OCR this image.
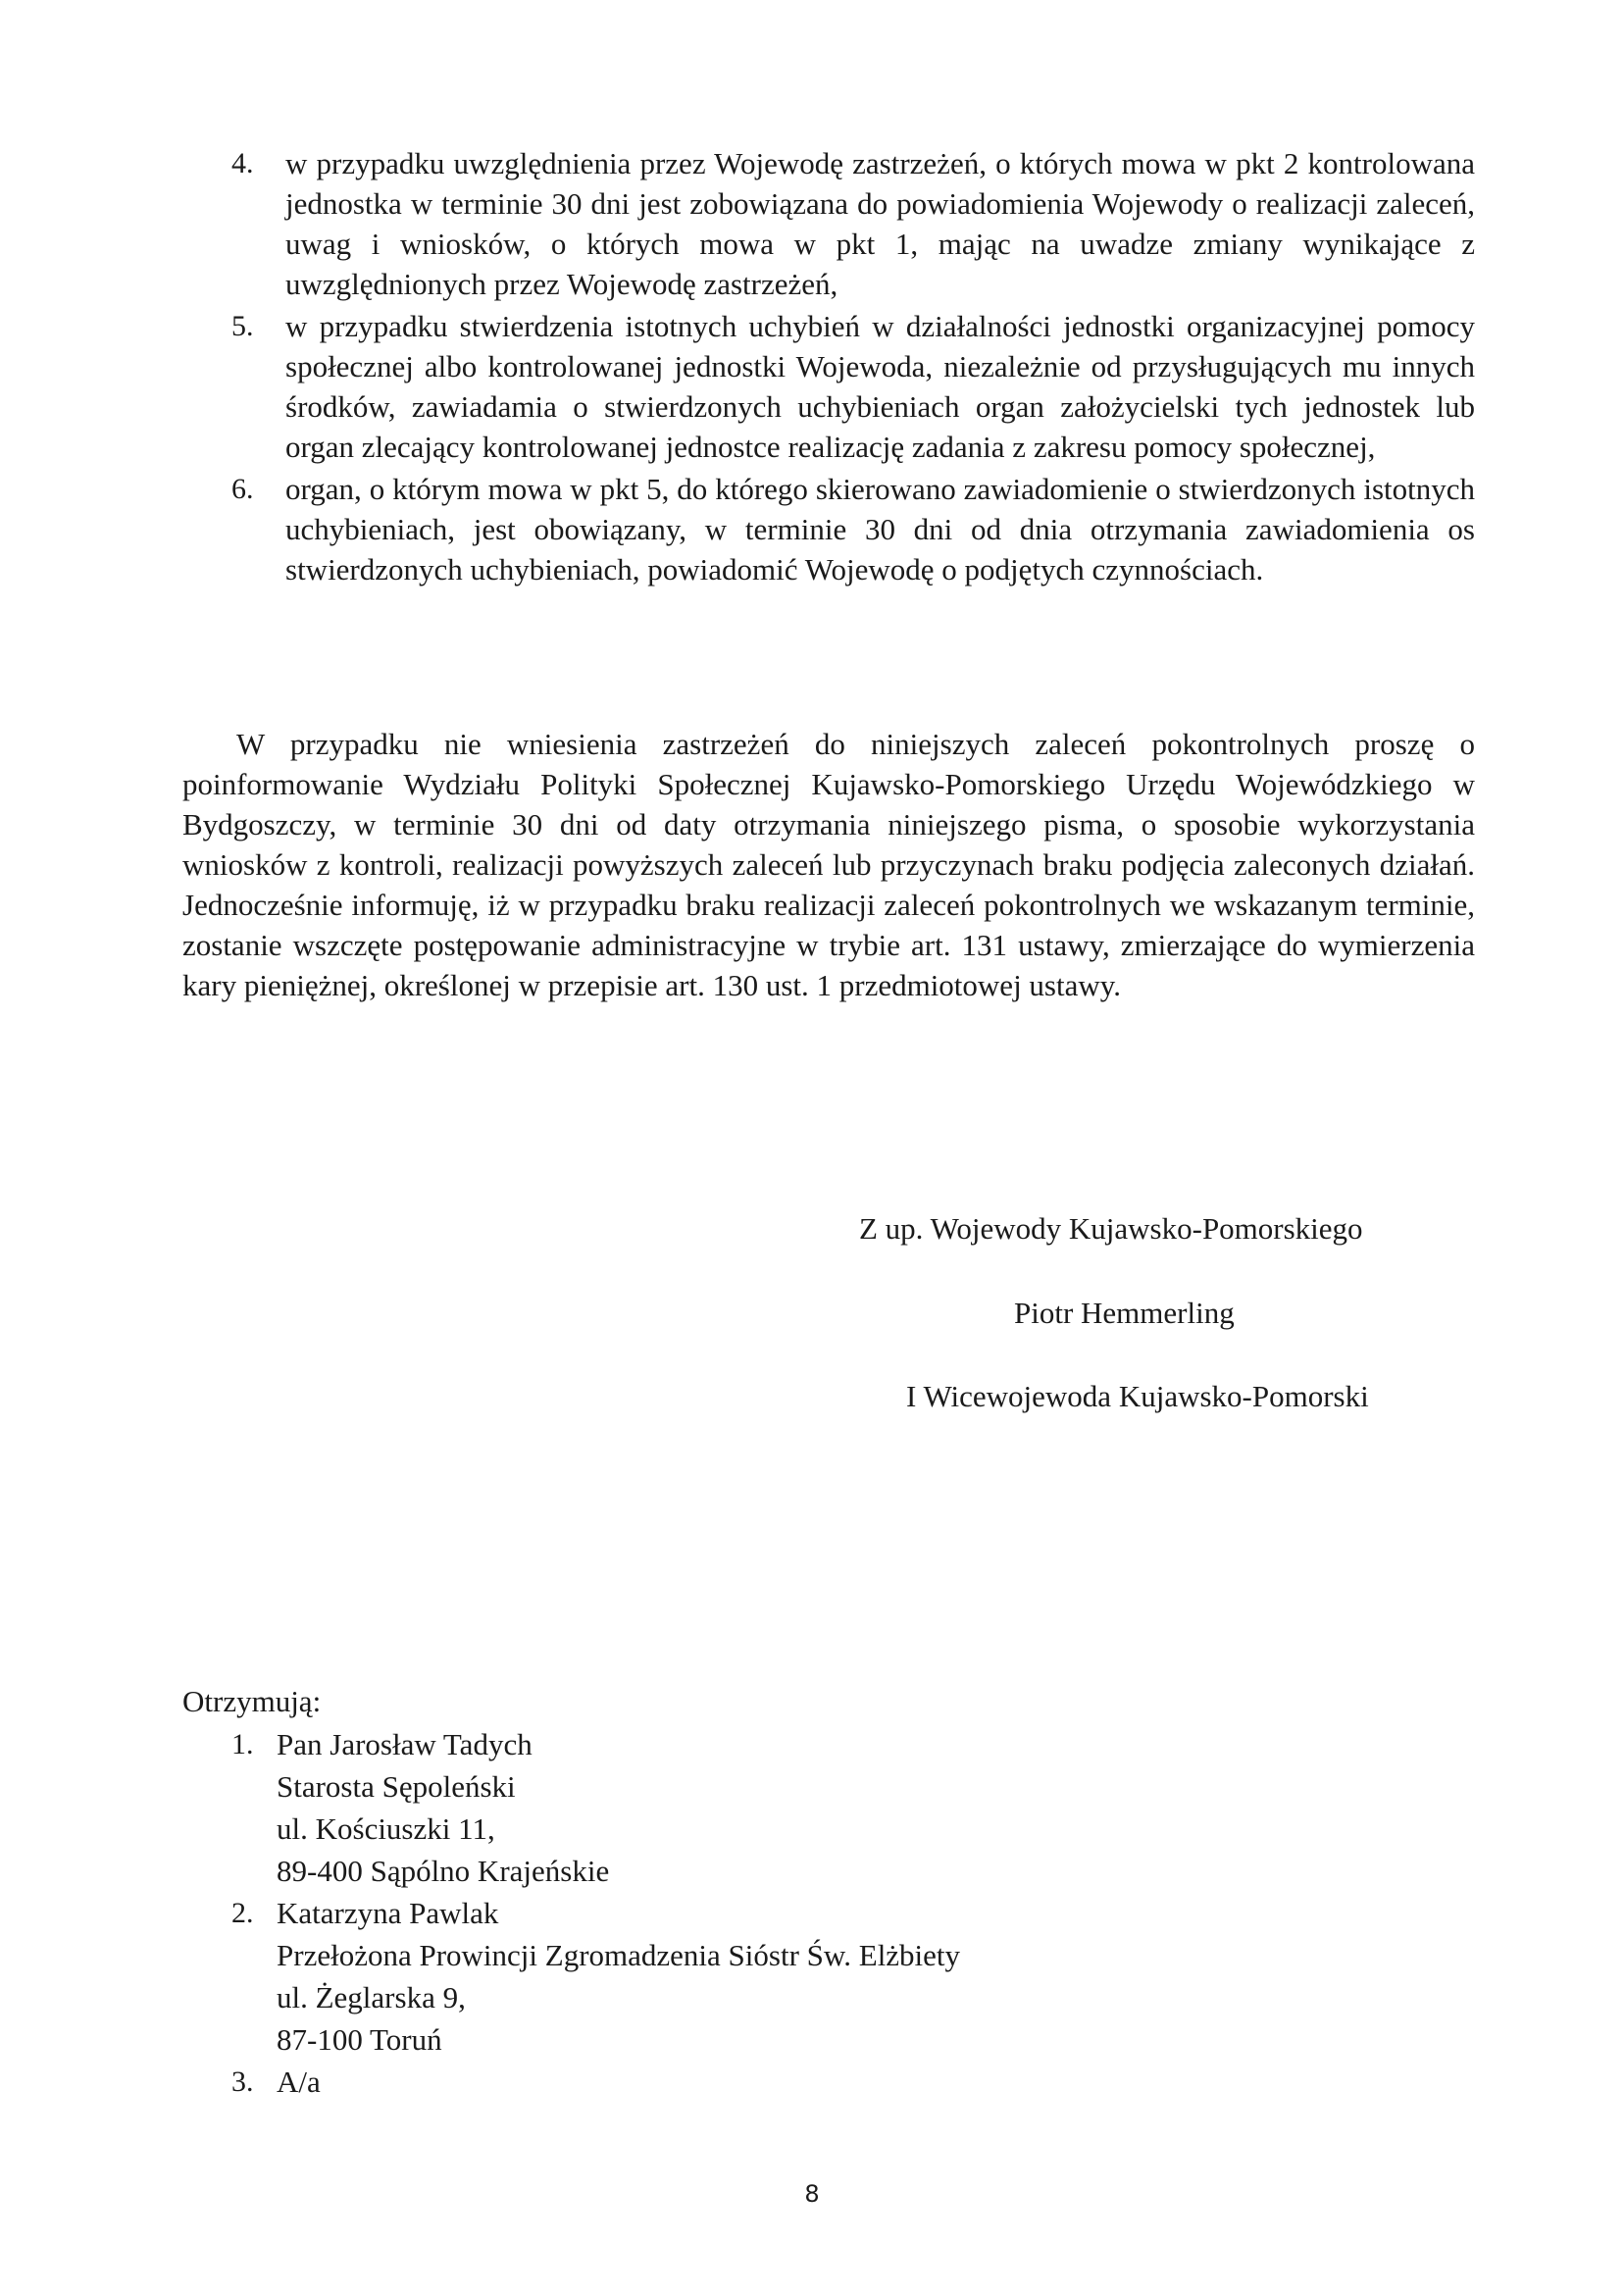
4. w przypadku uwzględnienia przez Wojewodę zastrzeżeń, o których mowa w pkt 2 kontrolowana jednostka w terminie 30 dni jest zobowiązana do powiadomienia Wojewody o realizacji zaleceń, uwag i wniosków, o których mowa w pkt 1, mając na uwadze zmiany wynikające z uwzględnionych przez Wojewodę zastrzeżeń,
5. w przypadku stwierdzenia istotnych uchybień w działalności jednostki organizacyjnej pomocy społecznej albo kontrolowanej jednostki Wojewoda, niezależnie od przysługujących mu innych środków, zawiadamia o stwierdzonych uchybieniach organ założycielski tych jednostek lub organ zlecający kontrolowanej jednostce realizację zadania z zakresu pomocy społecznej,
6. organ, o którym mowa w pkt 5, do którego skierowano zawiadomienie o stwierdzonych istotnych uchybieniach, jest obowiązany, w terminie 30 dni od dnia otrzymania zawiadomienia os stwierdzonych uchybieniach, powiadomić Wojewodę o podjętych czynnościach.
W przypadku nie wniesienia zastrzeżeń do niniejszych zaleceń pokontrolnych proszę o poinformowanie Wydziału Polityki Społecznej Kujawsko-Pomorskiego Urzędu Wojewódzkiego w Bydgoszczy, w terminie 30 dni od daty otrzymania niniejszego pisma, o sposobie wykorzystania wniosków z kontroli, realizacji powyższych zaleceń lub przyczynach braku podjęcia zaleconych działań. Jednocześnie informuję, iż w przypadku braku realizacji zaleceń pokontrolnych we wskazanym terminie, zostanie wszczęte postępowanie administracyjne w trybie art. 131 ustawy, zmierzające do wymierzenia kary pieniężnej, określonej w przepisie art. 130 ust. 1 przedmiotowej ustawy.
Z up. Wojewody Kujawsko-Pomorskiego
Piotr Hemmerling
I Wicewojewoda Kujawsko-Pomorski
Otrzymują:
1. Pan Jarosław Tadych
Starosta Sępoleński
ul. Kościuszki 11,
89-400 Sąpólno Krajeńskie
2. Katarzyna Pawlak
Przełożona Prowincji Zgromadzenia Sióstr Św. Elżbiety
ul. Żeglarska 9,
87-100 Toruń
3. A/a
8
